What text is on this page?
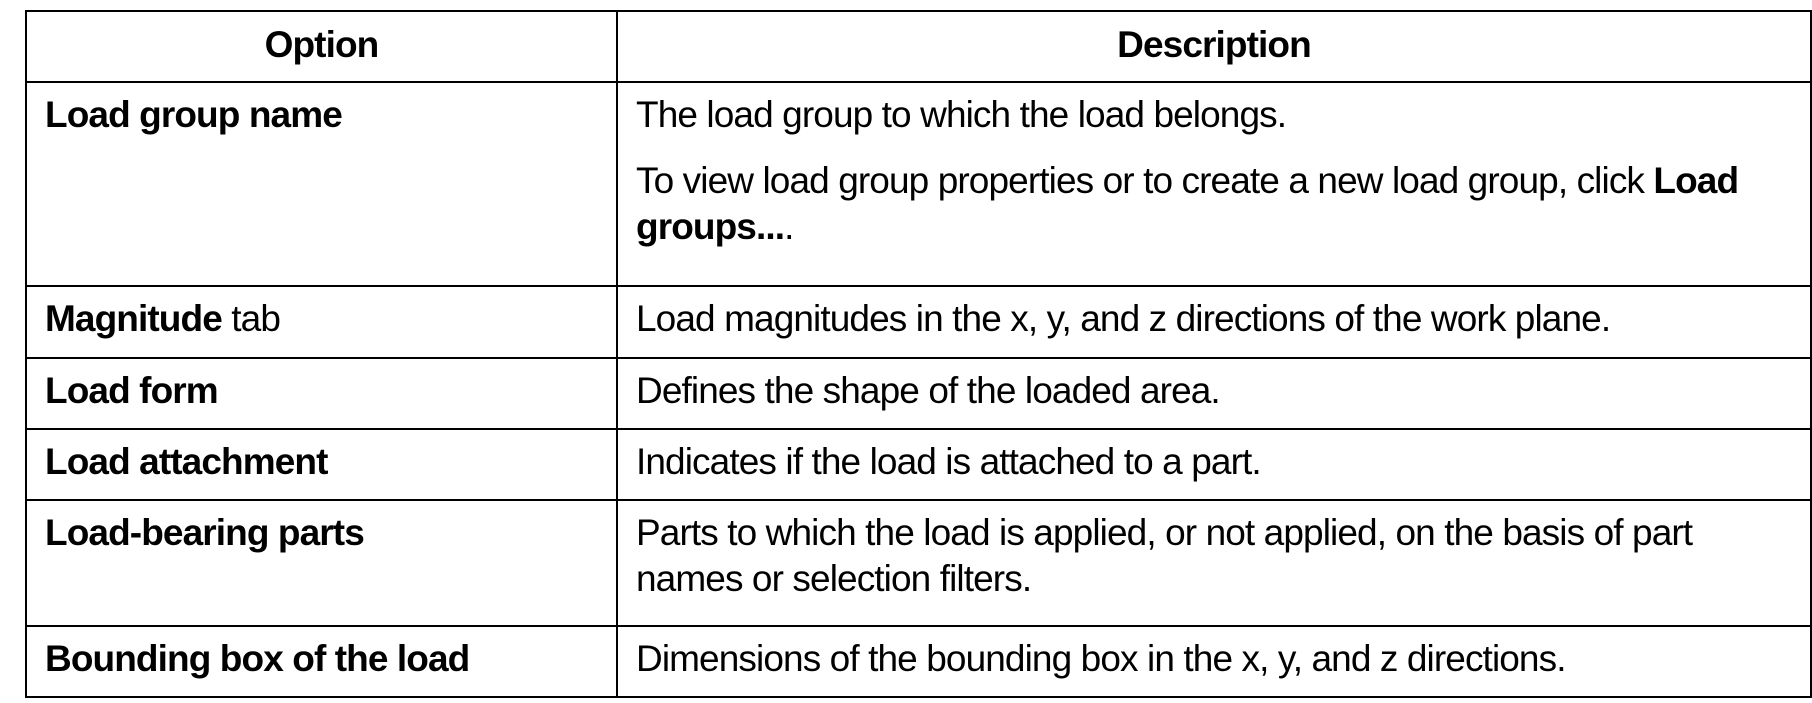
Option	Description
Load group name	The load group to which the load belongs.

To view load group properties or to create a new load group, click Load groups....

Magnitude tab	Load magnitudes in the x, y, and z directions of the work plane.

Load form	Defines the shape of the loaded area.

Load attachment	Indicates if the load is attached to a part.

Load-bearing parts	Parts to which the load is applied, or not applied, on the basis of part names or selection filters.

Bounding box of the load	Dimensions of the bounding box in the x, y, and z directions.
